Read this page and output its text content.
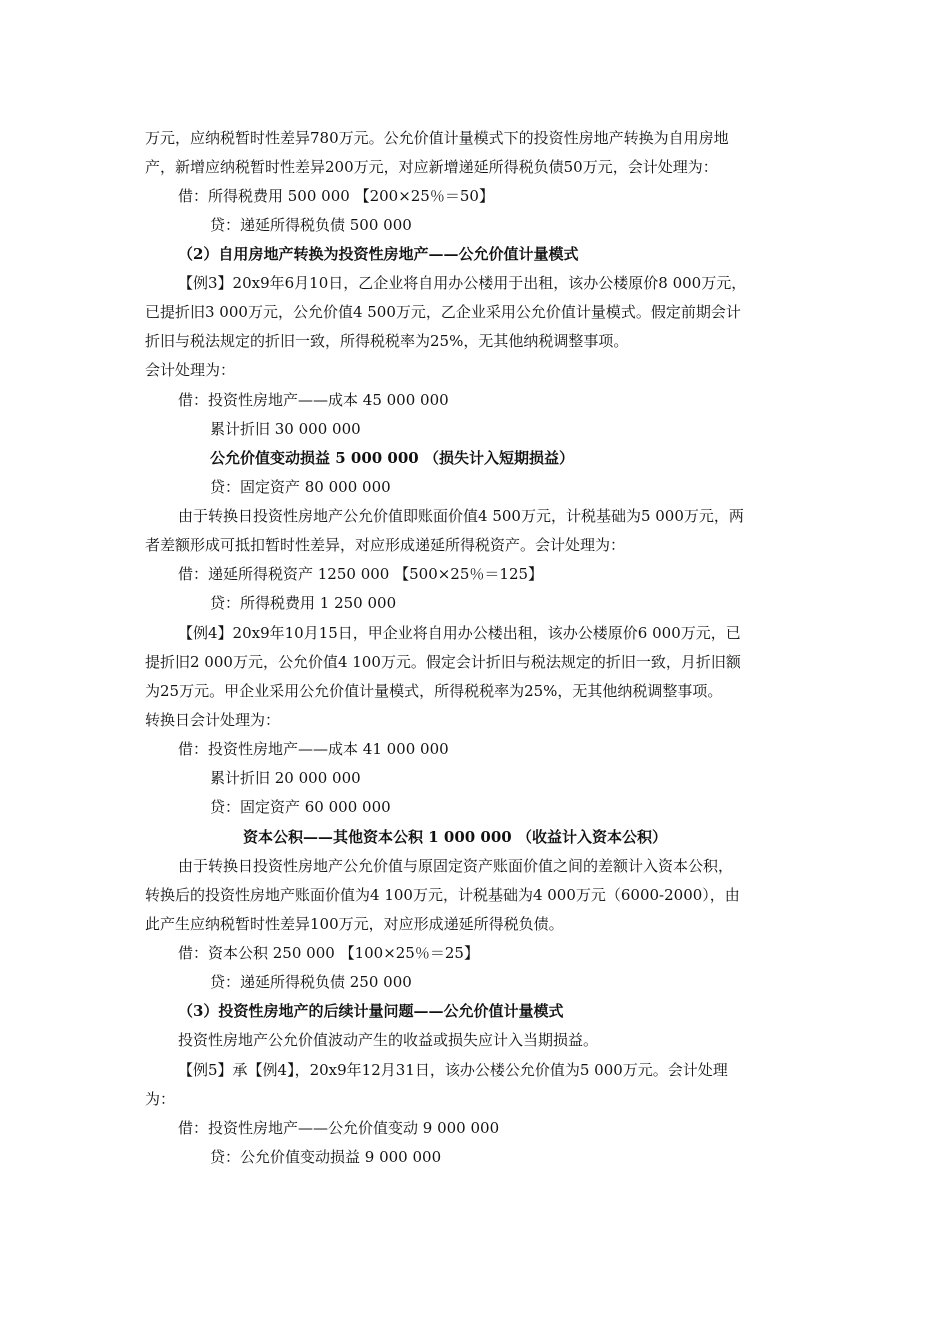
万元，应纳税暂时性差异780万元。公允价值计量模式下的投资性房地产转换为自用房地
产，新增应纳税暂时性差异200万元，对应新增递延所得税负债50万元，会计处理为：
借：所得税费用 500 000 【200×25％＝50】
贷：递延所得税负债 500 000
（2）自用房地产转换为投资性房地产——公允价值计量模式
【例3】20x9年6月10日，乙企业将自用办公楼用于出租，该办公楼原价8 000万元，
已提折旧3 000万元，公允价值4 500万元，乙企业采用公允价值计量模式。假定前期会计
折旧与税法规定的折旧一致，所得税税率为25%，无其他纳税调整事项。
会计处理为：
借：投资性房地产——成本 45 000 000
累计折旧 30 000 000
公允价值变动损益 5 000 000 （损失计入短期损益）
贷：固定资产 80 000 000
由于转换日投资性房地产公允价值即账面价值4 500万元，计税基础为5 000万元，两
者差额形成可抵扣暂时性差异，对应形成递延所得税资产。会计处理为：
借：递延所得税资产 1250 000 【500×25％＝125】
贷：所得税费用 1 250 000
【例4】20x9年10月15日，甲企业将自用办公楼出租，该办公楼原价6 000万元，已
提折旧2 000万元，公允价值4 100万元。假定会计折旧与税法规定的折旧一致，月折旧额
为25万元。甲企业采用公允价值计量模式，所得税税率为25%，无其他纳税调整事项。
转换日会计处理为：
借：投资性房地产——成本 41 000 000
累计折旧 20 000 000
贷：固定资产 60 000 000
资本公积——其他资本公积 1 000 000 （收益计入资本公积）
由于转换日投资性房地产公允价值与原固定资产账面价值之间的差额计入资本公积，
转换后的投资性房地产账面价值为4 100万元，计税基础为4 000万元（6000-2000），由
此产生应纳税暂时性差异100万元，对应形成递延所得税负债。
借：资本公积 250 000 【100×25％＝25】
贷：递延所得税负债 250 000
（3）投资性房地产的后续计量问题——公允价值计量模式
投资性房地产公允价值波动产生的收益或损失应计入当期损益。
【例5】承【例4】，20x9年12月31日，该办公楼公允价值为5 000万元。会计处理
为：
借：投资性房地产——公允价值变动 9 000 000
贷：公允价值变动损益 9 000 000
